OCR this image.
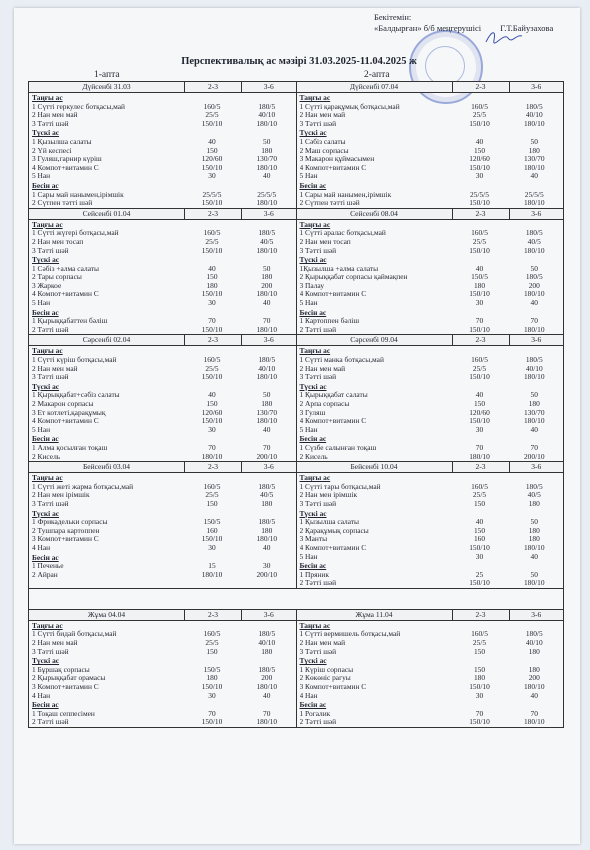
Бекітемін:
«Балдырған» б/б меңгерушісі Г.Т.Байузахова
Перспективалық ас мәзірі 31.03.2025-11.04.2025 ж
1-апта	2-апта
Дүйсенбі 31.03	2-3	3-6
Таңғы ас
1 Сүтті геркулес ботқасы,май	160/5	180/5
2 Нан мен май	25/5	40/10
3 Тәтті шәй	150/10	180/10
Түскі ас
1 Қызылша салаты	40	50
2 Үй кеспесі	150	180
3 Гуляш,гарнир күріш	120/60	130/70
4 Компот+витамин С	150/10	180/10
5 Нан	30	40
Бесін ас
1 Сары май нанымен,ірімшік	25/5/5	25/5/5
2 Сүтпен тәтті шәй	150/10	180/10
Дүйсенбі 07.04	2-3	3-6
Таңғы ас
1 Сүтті қарақұмық ботқасы,май	160/5	180/5
2 Нан мен май	25/5	40/10
3 Тәтті шәй	150/10	180/10
Түскі ас
1 Сәбіз салаты	40	50
2 Маш сорпасы	150	180
3 Макарон құймасымен	120/60	130/70
4 Компот+витамин С	150/10	180/10
5 Нан	30	40
Бесін ас
1 Сары май нанымен,ірімшік	25/5/5	25/5/5
2 Сүтпен тәтті шәй	150/10	180/10
Сейсенбі 01.04	2-3	3-6
Таңғы ас
1 Сүтті жүгері ботқасы,май	160/5	180/5
2 Нан мен тосап	25/5	40/5
3 Тәтті шәй	150/10	180/10
Түскі ас
1 Сәбіз +алма салаты	40	50
2 Тары сорпасы	150	180
3 Жаркое	180	200
4 Компот+витамин С	150/10	180/10
5 Нан	30	40
Бесін ас
1 Қырыққабаттен бәліш	70	70
2 Тәтті шәй	150/10	180/10
Сейсенбі 08.04	2-3	3-6
Таңғы ас
1 Сүтті аралас ботқасы,май	160/5	180/5
2 Нан мен тосап	25/5	40/5
3 Тәтті шәй	150/10	180/10
Түскі ас
1Қызылша +алма салаты	40	50
2 Қырыққабат сорпасы қаймақпен	150/5	180/5
3 Палау	180	200
4 Компот+витамин С	150/10	180/10
5 Нан	30	40
Бесін ас
1 Картоппен бәліш	70	70
2 Тәтті шәй	150/10	180/10
Сәрсенбі 02.04	2-3	3-6
Таңғы ас
1 Сүтті күріш ботқасы,май	160/5	180/5
2 Нан мен май	25/5	40/10
3 Тәтті шәй	150/10	180/10
Түскі ас
1 Қырыққабат+сәбіз салаты	40	50
2 Макарон сорпасы	150	180
3 Ет котлеті,қарақұмық	120/60	130/70
4 Компот+витамин С	150/10	180/10
5 Нан	30	40
Бесін ас
1 Алма қосылған тоқаш	70	70
2 Кисель	180/10	200/10
Сәрсенбі 09.04	2-3	3-6
Таңғы ас
1 Сүтті манка ботқасы,май	160/5	180/5
2 Нан мен май	25/5	40/10
3 Тәтті шәй	150/10	180/10
Түскі ас
1 Қырыққабат салаты	40	50
2 Арпа сорпасы	150	180
3 Гуляш	120/60	130/70
4 Компот+витамин С	150/10	180/10
5 Нан	30	40
Бесін ас
1 Сүзбе салынған тоқаш	70	70
2 Кисель	180/10	200/10
Бейсенбі 03.04	2-3	3-6
Таңғы ас
1 Сүтті жеті жарма ботқасы,май	160/5	180/5
2 Нан мен ірімшік	25/5	40/5
3 Тәтті шәй	150	180
Түскі ас
1 Фрикадельки сорпасы	150/5	180/5
2 Тушпара картоппен	160	180
3 Компот+витамин С	150/10	180/10
4 Нан	30	40
Бесін ас
1 Печенье	15	30
2 Айран	180/10	200/10
Бейсенбі 10.04	2-3	3-6
Таңғы ас
1 Сүтті тары ботқасы,май	160/5	180/5
2 Нан мен ірімшік	25/5	40/5
3 Тәтті шәй	150	180
Түскі ас
1 Қызылша салаты	40	50
2 Қарақұмық сорпасы	150	180
3 Манты	160	180
4 Компот+витамин С	150/10	180/10
5 Нан	30	40
Бесін ас
1 Пряник	25	50
2 Тәтті шәй	150/10	180/10
Жұма 04.04	2-3	3-6
Таңғы ас
1 Сүтті бидай ботқасы,май	160/5	180/5
2 Нан мен май	25/5	40/10
3 Тәтті шәй	150	180
Түскі ас
1 Бұршақ сорпасы	150/5	180/5
2 Қырыққабат орамасы	180	200
3 Компот+витамин С	150/10	180/10
4 Нан	30	40
Бесін ас
1 Тоқаш сеппесімен	70	70
2 Тәтті шәй	150/10	180/10
Жұма 11.04	2-3	3-6
Таңғы ас
1 Сүтті вермишель ботқасы,май	160/5	180/5
2 Нан мен май	25/5	40/10
3 Тәтті шәй	150	180
Түскі ас
1 Күріш сорпасы	150	180
2 Көкөніс рагуы	180	200
3 Компот+витамин С	150/10	180/10
4 Нан	30	40
Бесін ас
1 Рогалик	70	70
2 Тәтті шәй	150/10	180/10
